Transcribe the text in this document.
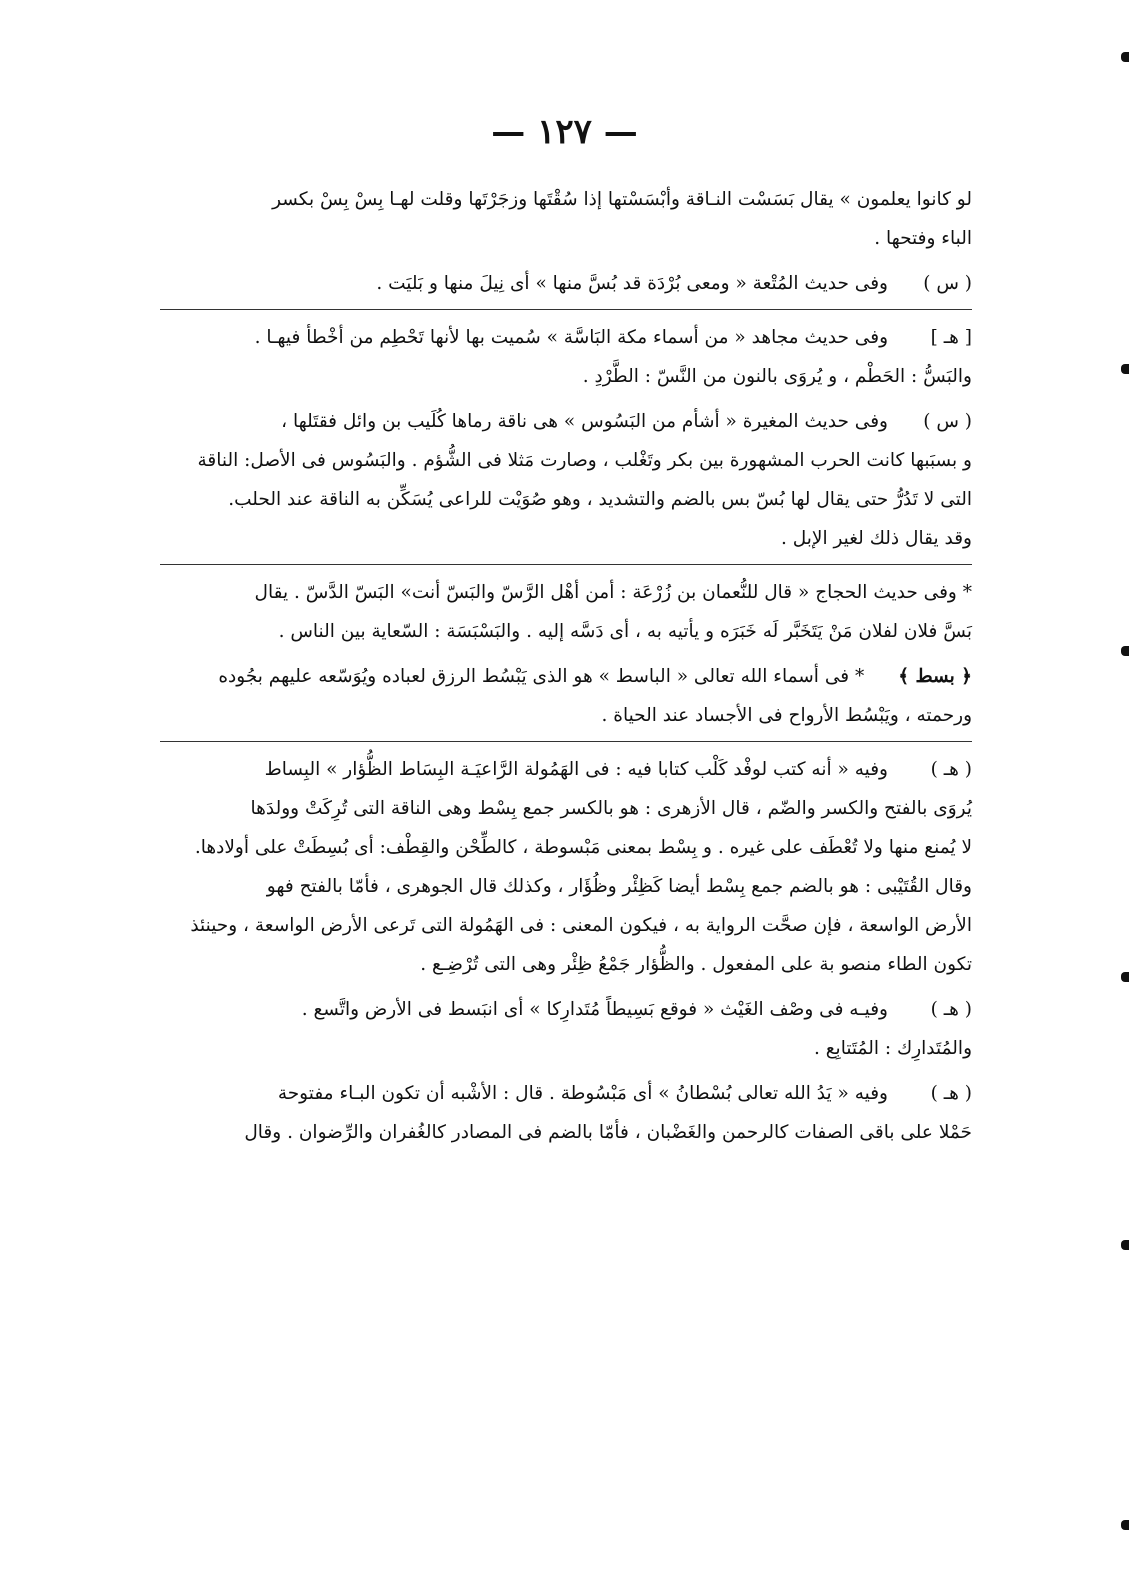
— ١٢٧ —
لو كانوا يعلمون » يقال بَسَسْت النـاقة وأبْسَسْتها إذا سُقْتَها وزجَرْتَها وقلت لهـا بِسْ بِسْ بكسر
الباء وفتحها .
( س )وفى حديث المُتْعة « ومعى بُرْدَة قد بُسَّ منها » أى نِيلَ منها و بَليَت .
[ هـ ]وفى حديث مجاهد « من أسماء مكة البَاسَّة » سُميت بها لأنها تَحْطِم من أخْطأ فيهـا .
والبَسُّ : الحَطْم ، و يُروَى بالنون من النَّسّ : الطَّرْدِ .
( س )وفى حديث المغيرة « أشأم من البَسُوس » هى ناقة رماها كُلَيب بن وائل فقتَلها ،
و بسبَبها كانت الحرب المشهورة بين بكر وتَغْلب ، وصارت مَثلا فى الشُّؤم . والبَسُوس فى الأصل: الناقة
التى لا تَدُرُّ حتى يقال لها بُسّ بس بالضم والتشديد ، وهو صُوَيْت للراعى يُسَكِّن به الناقة عند الحلب.
وقد يقال ذلك لغير الإبل .
* وفى حديث الحجاج « قال للنُّعمان بن زُرْعَة : أمن أهْل الرَّسّ والبَسّ أنت» البَسّ الدَّسّ . يقال
بَسَّ فلان لفلان مَنْ يَتَخَبَّر لَه خَبَرَه و يأتيه به ، أى دَسَّه إليه . والبَسْبَسَة : السّعاية بين الناس .
﴿ بسط ﴾* فى أسماء الله تعالى « الباسط » هو الذى يَبْسُط الرزق لعباده ويُوَسّعه عليهم بجُوده
ورحمته ، ويَبْسُط الأرواح فى الأجساد عند الحياة .
( هـ )وفيه « أنه كتب لوفْد كَلْب كتابا فيه : فى الهَمُولة الرَّاعيَـة البِسَاط الظُّؤار » البِساط
يُروَى بالفتح والكسر والضّم ، قال الأزهرى : هو بالكسر جمع بِسْط وهى الناقة التى تُرِكَتْ وولدَها
لا يُمنع منها ولا تُعْطَف على غيره . و بِسْط بمعنى مَبْسوطة ، كالطِّحْن والقِطْف: أى بُسِطَتْ على أولادها.
وقال القُتَيْبى : هو بالضم جمع بِسْط أيضا كَظِئْر وظُؤَار ، وكذلك قال الجوهرى ، فأمّا بالفتح فهو
الأرض الواسعة ، فإن صحَّت الرواية به ، فيكون المعنى : فى الهَمُولة التى تَرعى الأرض الواسعة ، وحينئذ
تكون الطاء منصو بة على المفعول . والظُّؤار جَمْعُ ظِئْر وهى التى تُرْضِـع .
( هـ )وفيـه فى وصْف الغَيْث « فوقع بَسِيطاً مُتَدارِكا » أى انبَسط فى الأرض واتَّسع .
والمُتَدارِك : المُتَتابِع .
( هـ )وفيه « يَدُ الله تعالى بُسْطانُ » أى مَبْسُوطة . قال : الأشْبه أن تكون البـاء مفتوحة
حَمْلا على باقى الصفات كالرحمن والغَضْبان ، فأمّا بالضم فى المصادر كالغُفران والرِّضوان . وقال
